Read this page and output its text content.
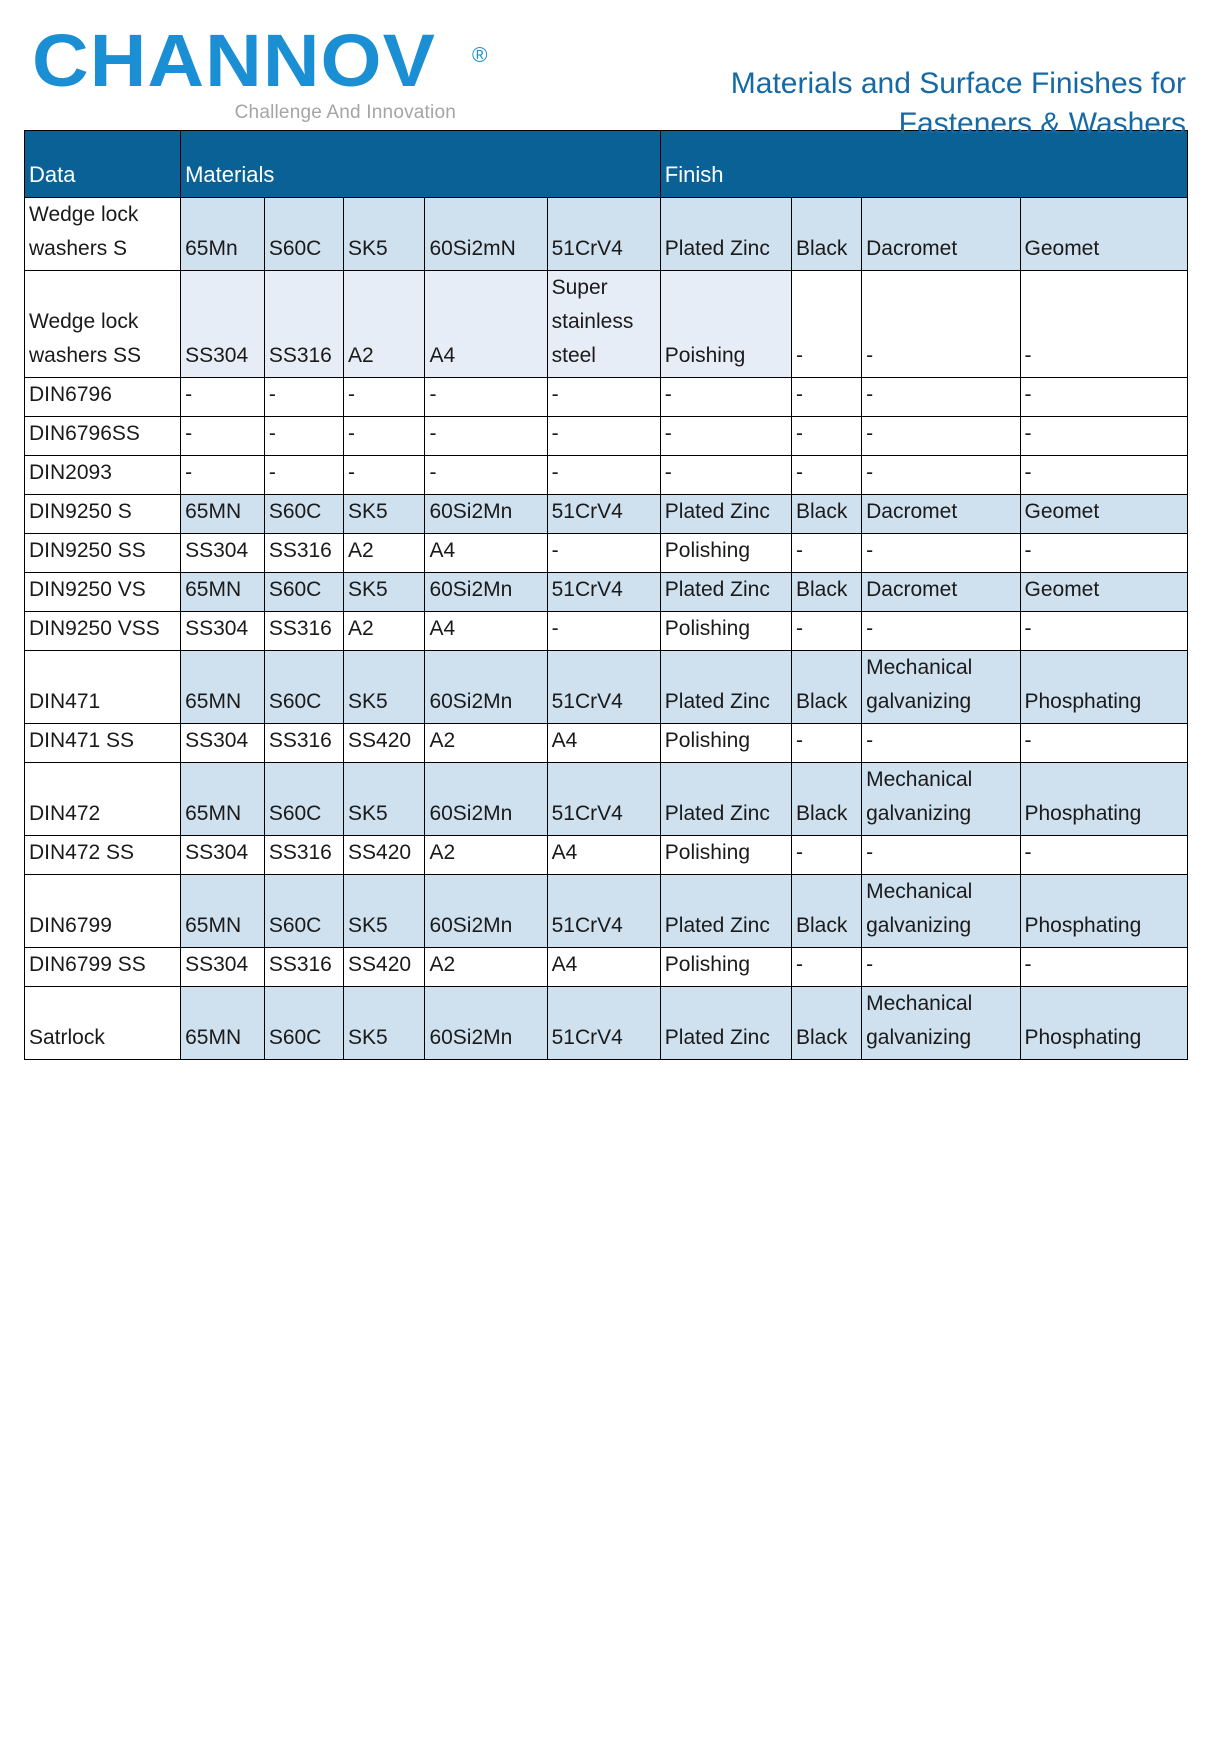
CHANNOV	®
Challenge And Innovation
Materials and Surface Finishes for
Fasteners & Washers
Data	Materials					Finish			
Wedge lock washers S	65Mn	S60C	SK5	60Si2mN	51CrV4	Plated Zinc	Black	Dacromet	Geomet
Wedge lock washers SS	SS304	SS316	A2	A4	Super stainless steel	Poishing	-	-	-
DIN6796	-	-	-	-	-	-	-	-	-
DIN6796SS	-	-	-	-	-	-	-	-	-
DIN2093	-	-	-	-	-	-	-	-	-
DIN9250 S	65MN	S60C	SK5	60Si2Mn	51CrV4	Plated Zinc	Black	Dacromet	Geomet
DIN9250 SS	SS304	SS316	A2	A4	-	Polishing	-	-	-
DIN9250 VS	65MN	S60C	SK5	60Si2Mn	51CrV4	Plated Zinc	Black	Dacromet	Geomet
DIN9250 VSS	SS304	SS316	A2	A4	-	Polishing	-	-	-
DIN471	65MN	S60C	SK5	60Si2Mn	51CrV4	Plated Zinc	Black	Mechanical galvanizing	Phosphating
DIN471 SS	SS304	SS316	SS420	A2	A4	Polishing	-	-	-
DIN472	65MN	S60C	SK5	60Si2Mn	51CrV4	Plated Zinc	Black	Mechanical galvanizing	Phosphating
DIN472 SS	SS304	SS316	SS420	A2	A4	Polishing	-	-	-
DIN6799	65MN	S60C	SK5	60Si2Mn	51CrV4	Plated Zinc	Black	Mechanical galvanizing	Phosphating
DIN6799 SS	SS304	SS316	SS420	A2	A4	Polishing	-	-	-
Satrlock	65MN	S60C	SK5	60Si2Mn	51CrV4	Plated Zinc	Black	Mechanical galvanizing	Phosphating
